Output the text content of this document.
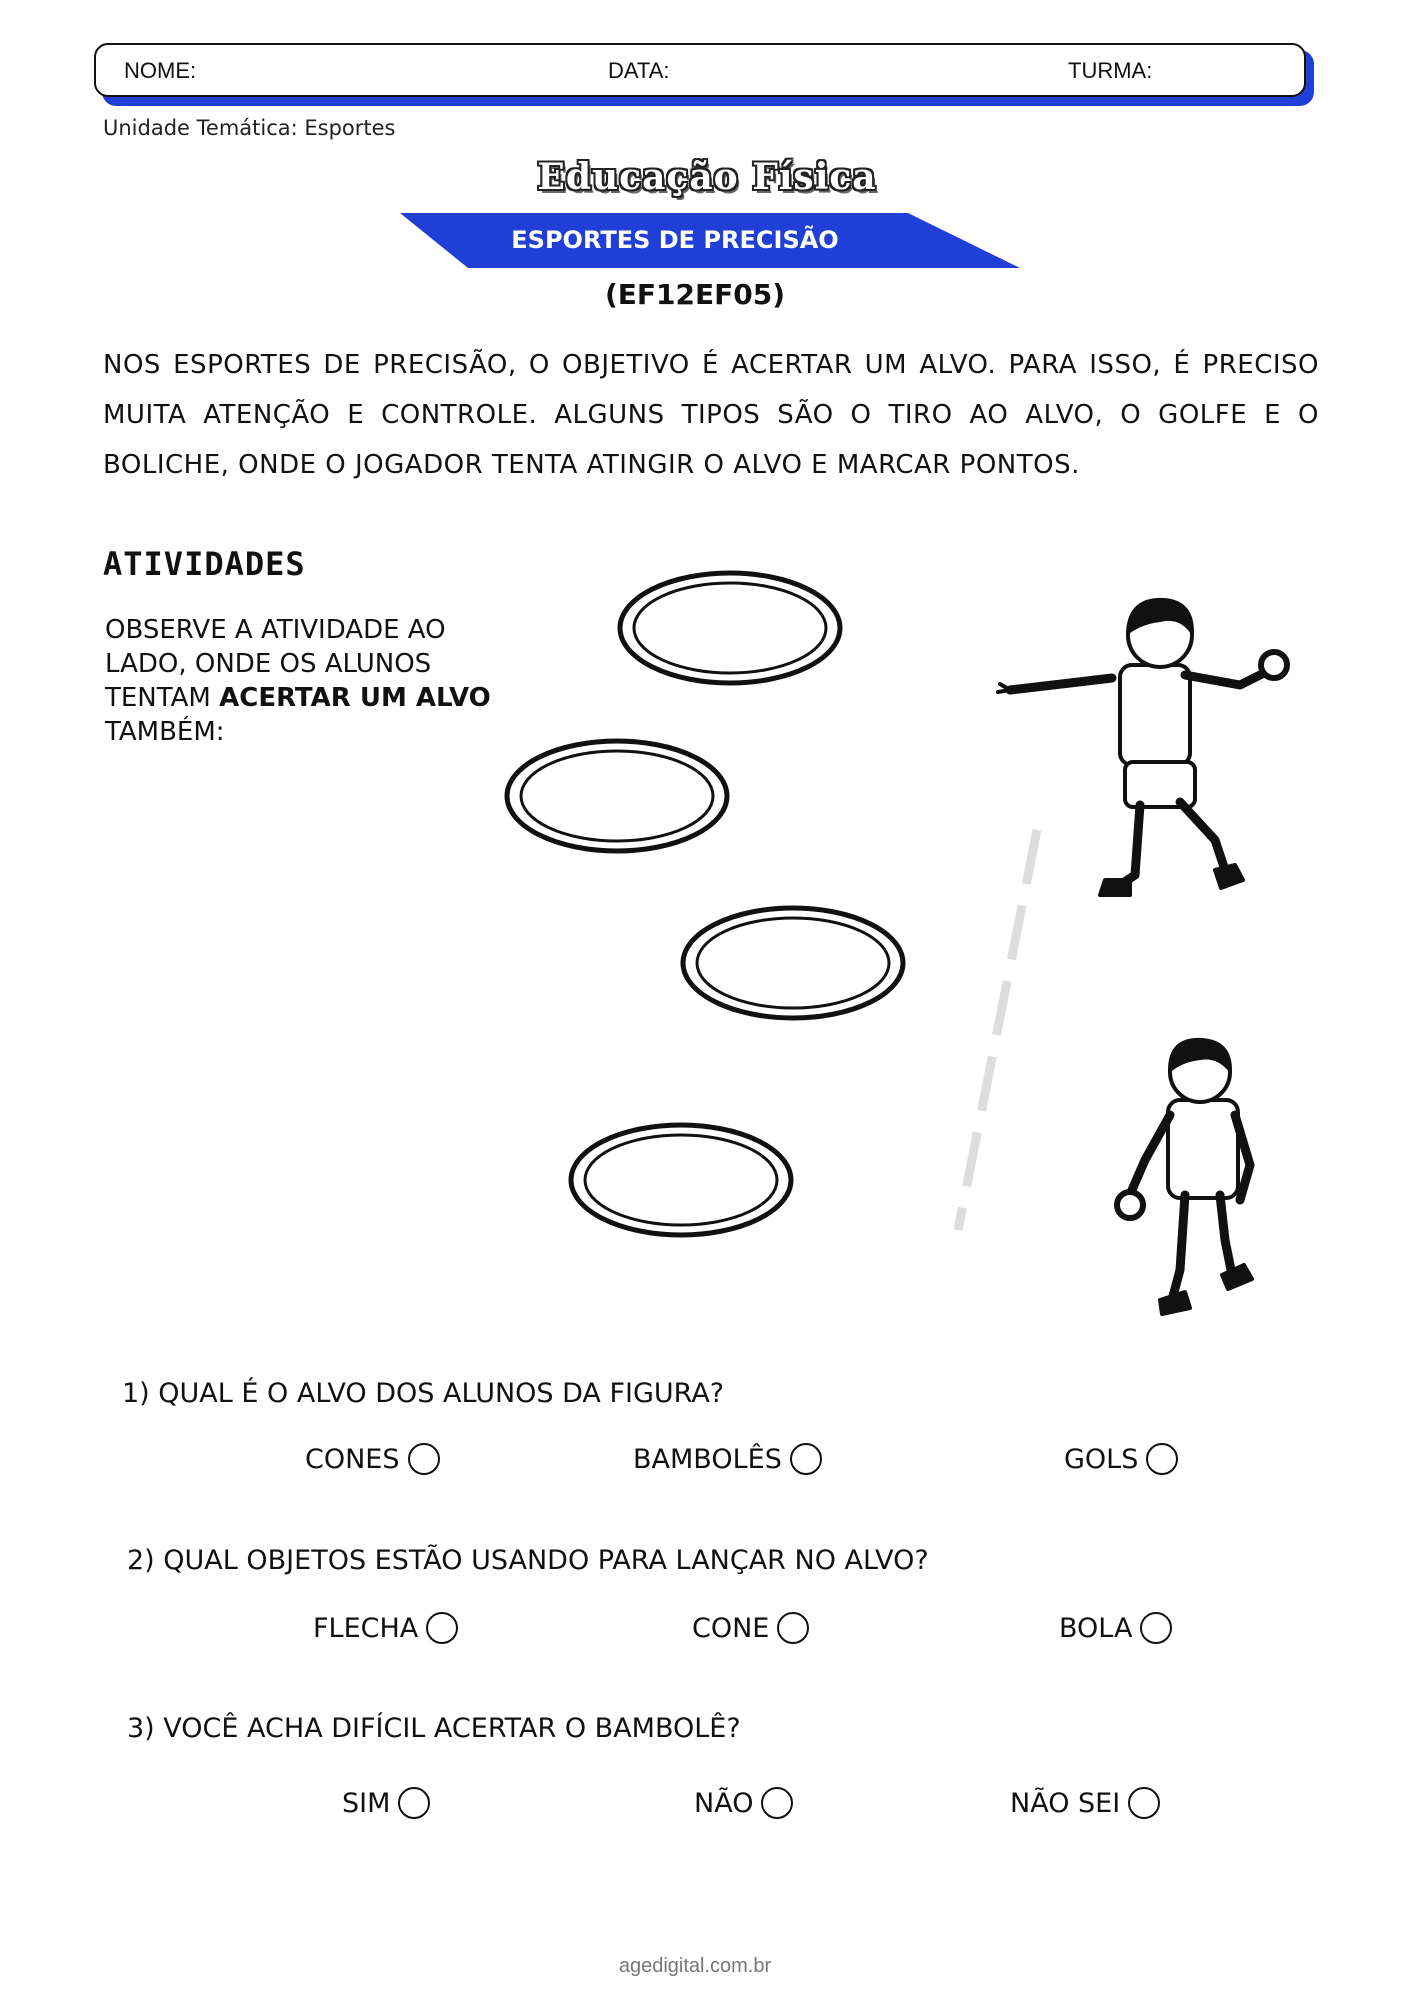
NOME:	DATA:	TURMA:
Unidade Temática: Esportes
Educação Física
ESPORTES DE PRECISÃO
(EF12EF05)
NOS ESPORTES DE PRECISÃO, O OBJETIVO É ACERTAR UM ALVO. PARA ISSO, É PRECISO MUITA ATENÇÃO E CONTROLE. ALGUNS TIPOS SÃO O TIRO AO ALVO, O GOLFE E O BOLICHE, ONDE O JOGADOR TENTA ATINGIR O ALVO E MARCAR PONTOS.
ATIVIDADES
OBSERVE A ATIVIDADE AO LADO, ONDE OS ALUNOS TENTAM ACERTAR UM ALVO TAMBÉM:
1) QUAL É O ALVO DOS ALUNOS DA FIGURA?
CONES	BAMBOLÊS	GOLS
2) QUAL OBJETOS ESTÃO USANDO PARA LANÇAR NO ALVO?
FLECHA	CONE	BOLA
3) VOCÊ ACHA DIFÍCIL ACERTAR O BAMBOLÊ?
SIM	NÃO	NÃO SEI
agedigital.com.br
